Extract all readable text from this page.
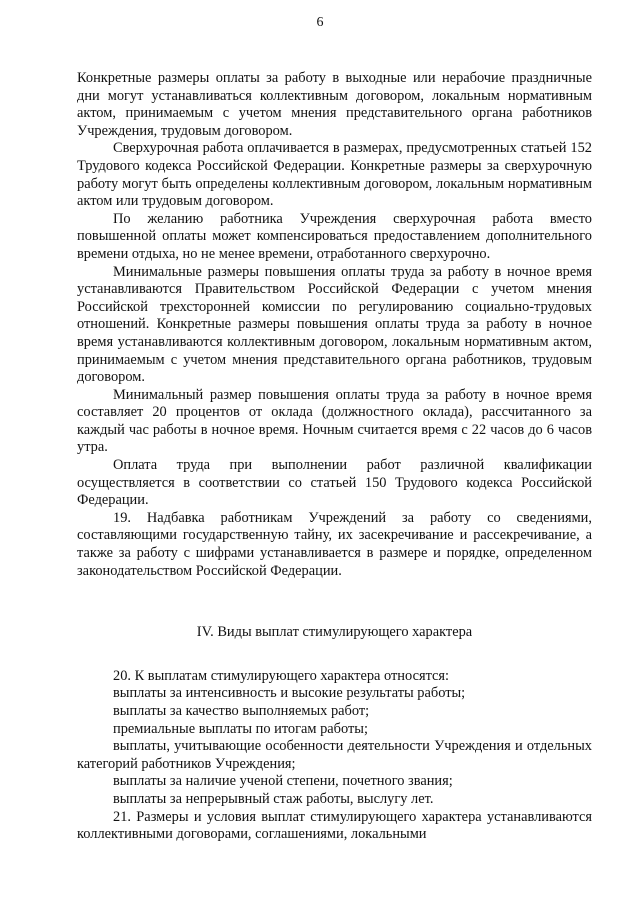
6

Конкретные размеры оплаты за работу в выходные или нерабочие праздничные дни могут устанавливаться коллективным договором, локальным нормативным актом, принимаемым с учетом мнения представительного органа работников Учреждения, трудовым договором.

Сверхурочная работа оплачивается в размерах, предусмотренных статьей 152 Трудового кодекса Российской Федерации. Конкретные размеры за сверхурочную работу могут быть определены коллективным договором, локальным нормативным актом или трудовым договором.

По желанию работника Учреждения сверхурочная работа вместо повышенной оплаты может компенсироваться предоставлением дополнительного времени отдыха, но не менее времени, отработанного сверхурочно.

Минимальные размеры повышения оплаты труда за работу в ночное время устанавливаются Правительством Российской Федерации с учетом мнения Российской трехсторонней комиссии по регулированию социально-трудовых отношений. Конкретные размеры повышения оплаты труда за работу в ночное время устанавливаются коллективным договором, локальным нормативным актом, принимаемым с учетом мнения представительного органа работников, трудовым договором.

Минимальный размер повышения оплаты труда за работу в ночное время составляет 20 процентов от оклада (должностного оклада), рассчитанного за каждый час работы в ночное время. Ночным считается время с 22 часов до 6 часов утра.

Оплата труда при выполнении работ различной квалификации осуществляется в соответствии со статьей 150 Трудового кодекса Российской Федерации.

19. Надбавка работникам Учреждений за работу со сведениями, составляющими государственную тайну, их засекречивание и рассекречивание, а также за работу с шифрами устанавливается в размере и порядке, определенном законодательством Российской Федерации.

IV. Виды выплат стимулирующего характера

20. К выплатам стимулирующего характера относятся:

выплаты за интенсивность и высокие результаты работы;

выплаты за качество выполняемых работ;

премиальные выплаты по итогам работы;

выплаты, учитывающие особенности деятельности Учреждения и отдельных категорий работников Учреждения;

выплаты за наличие ученой степени, почетного звания;

выплаты за непрерывный стаж работы, выслугу лет.

21. Размеры и условия выплат стимулирующего характера устанавливаются коллективными договорами, соглашениями, локальными
